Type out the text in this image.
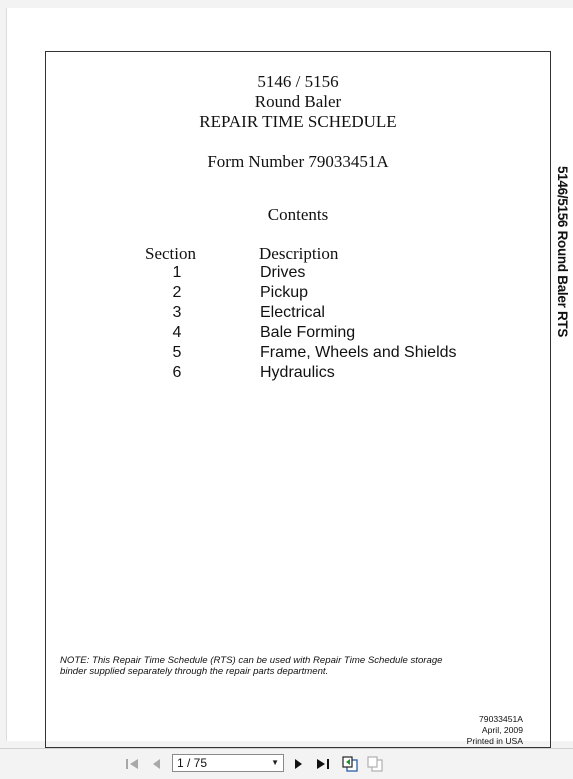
5146 / 5156
Round Baler
REPAIR TIME SCHEDULE
Form Number 79033451A
Contents
Section	Description
1	Drives
2	Pickup
3	Electrical
4	Bale Forming
5	Frame, Wheels and Shields
6	Hydraulics
NOTE: This Repair Time Schedule (RTS) can be used with Repair Time Schedule storage
binder supplied separately through the repair parts department.
79033451A
April, 2009
Printed in USA
5146/5156 Round Baler RTS
1 / 75	▼
